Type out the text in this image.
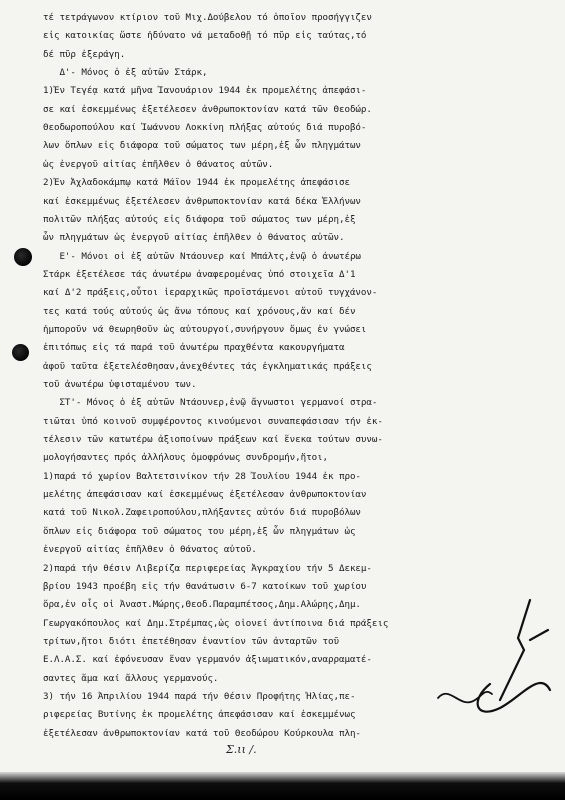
τέ τετράγωνον κτίριον τοῦ Μιχ.Δούβελου τό ὁποῖον προσήγγιζεν
εἰς κατοικίας ὥστε ἠδύνατο νά μεταδοθῇ τό πῦρ εἰς ταύτας,τό
δέ πῦρ ἐξεράγη.
Δ'- Μόνος ὁ ἐξ αὐτῶν Στάρκ,
1)Ἐν Τεγέᾳ κατά μῆνα Ἰανουάριον 1944 ἐκ προμελέτης ἀπεφάσι-
σε καί ἐσκεμμένως ἐξετέλεσεν ἀνθρωποκτονίαν κατά τῶν Θεοδώρ.
Θεοδωροπούλου καί Ἰωάννου Λοκκίνη πλήξας αὐτούς διά πυροβό-
λων ὅπλων εἰς διάφορα τοῦ σώματος των μέρη,ἐξ ὧν πληγμάτων
ὡς ἐνεργοῦ αἰτίας ἐπῆλθεν ὁ θάνατος αὐτῶν.
2)Ἐν Ἀχλαδοκάμπῳ κατά Μάϊον 1944 ἐκ προμελέτης ἀπεφάσισε
καί ἐσκεμμένως ἐξετέλεσεν ἀνθρωποκτονίαν κατά δέκα Ἑλλήνων
πολιτῶν πλήξας αὐτούς εἰς διάφορα τοῦ σώματος των μέρη,ἐξ
ὧν πληγμάτων ὡς ἐνεργοῦ αἰτίας ἐπῆλθεν ὁ θάνατος αὐτῶν.
Ε'- Μόνοι οἱ ἐξ αὐτῶν Ντάουνερ καί Μπάλτς,ἐνῷ ὁ ἀνωτέρω
Στάρκ ἐξετέλεσε τάς ἀνωτέρω ἀναφερομένας ὑπό στοιχεῖα Δ'1
καί Δ'2 πράξεις,οὗτοι ἱεραρχικῶς προϊστάμενοι αὐτοῦ τυγχάνον-
τες κατά τούς αὐτούς ὡς ἄνω τόπους καί χρόνους,ἄν καί δέν
ἠμποροῦν νά θεωρηθοῦν ὡς αὐτουργοί,συνήργουν ὅμως ἐν γνώσει
ἐπιτόπως εἰς τά παρά τοῦ ἀνωτέρω πραχθέντα κακουργήματα
ἀφοῦ ταῦτα ἐξετελέσθησαν,ἀνεχθέντες τάς ἐγκληματικάς πράξεις
τοῦ ἀνωτέρω ὑφισταμένου των.
ΣΤ'- Μόνος ὁ ἐξ αὐτῶν Ντάουνερ,ἐνῷ ἄγνωστοι γερμανοί στρα-
τιῶται ὑπό κοινοῦ συμφέροντος κινούμενοι συναπεφάσισαν τήν ἐκ-
τέλεσιν τῶν κατωτέρω ἀξιοποίνων πράξεων καί ἕνεκα τούτων συνω-
μολογήσαντες πρός ἀλλήλους ὁμοφρόνως συνδρομήν,ἤτοι,
1)παρά τό χωρίον Βαλτετσινίκον τήν 28 Ἰουλίου 1944 ἐκ προ-
μελέτης ἀπεφάσισαν καί ἐσκεμμένως ἐξετέλεσαν ἀνθρωποκτονίαν
κατά τοῦ Νικολ.Ζαφειροπούλου,πλήξαντες αὐτόν διά πυροβόλων
ὅπλων εἰς διάφορα τοῦ σώματος του μέρη,ἐξ ὧν πληγμάτων ὡς
ἐνεργοῦ αἰτίας ἐπῆλθεν ὁ θάνατος αὐτοῦ.
2)παρά τήν θέσιν Λιβερίζα περιφερείας Ἀγκραχίου τήν 5 Δεκεμ-
βρίου 1943 προέβη εἰς τήν θανάτωσιν 6-7 κατοίκων τοῦ χωρίου
ὅρα,ἐν οἷς οἱ Ἀναστ.Μώρης,Θεοδ.Παραμπέτσος,Δημ.Αλώρης,Δημ.
Γεωργακόπουλος καί Δημ.Στρέμπας,ὡς οἱονεί ἀντίποινα διά πράξεις
τρίτων,ἤτοι διότι ἐπετέθησαν ἐναντίον τῶν ἀνταρτῶν τοῦ
Ε.Λ.Α.Σ. καί ἐφόνευσαν ἕναν γερμανόν ἀξιωματικόν,αναρραματέ-
σαντες ἅμα καί ἄλλους γερμανούς.
3) τήν 16 Ἀπριλίου 1944 παρά τήν θέσιν Προφήτης Ἠλίας,πε-
ριφερείας Βυτίνης ἐκ προμελέτης ἀπεφάσισαν καί ἐσκεμμένως
ἐξετέλεσαν ἀνθρωποκτονίαν κατά τοῦ Θεοδώρου Κούρκουλα πλη-
Σ.ιι /.
